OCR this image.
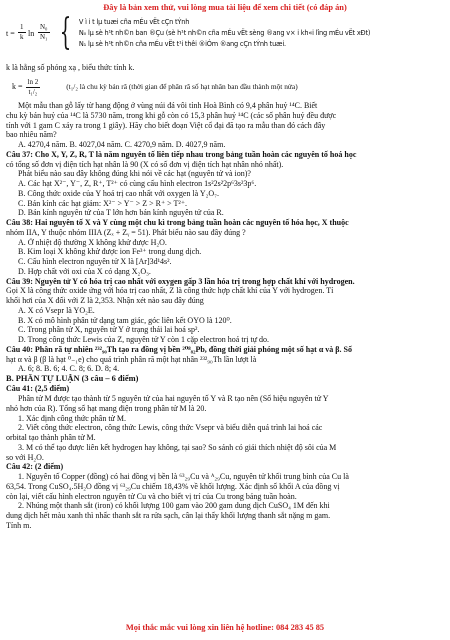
Đây là bản xem thử, vui lòng mua tài liệu để xem chi tiết (có đáp án)
$t = \frac{1}{k}$ $\ln \frac{\text{N₀}}{\text{N₁}}$ { V ì i t lµ tuæi cña mÉu vËt cÇn tÝnh
N₀ lµ sè h¹t nh©n ban ®Çu (sè h¹t nh©n cña mÉu vËt sèng ®ang v× i kh«i lîng mÉu vËt xÐt)
N₁ lµ sè h¹t nh©n cña mÉu vËt t¹i thêi ®iÓm ®ang cÇn tÝnh tuæi.
k là hằng số phóng xạ , biểu thức tính k.
$k = \frac{\ln 2}{\text{t₁/₂}}$	(t₁/₂ là chu kỳ bán rã (thời gian để phân rã số hạt nhân ban đầu thành một nửa)
Một mẫu than gỗ lấy từ hang động ở vùng núi đá vôi tỉnh Hoà Bình có 9,4 phân huỷ ¹⁴C. Biết
chu kỳ bán huỷ của ¹⁴C là 5730 năm, trong khi gỗ còn có 15,3 phân huỷ ¹⁴C (các số phân huỷ đều được
tính với 1 gam C xảy ra trong 1 giây). Hãy cho biết đoạn Việt cổ đại đã tạo ra mẫu than đó cách đây
bao nhiêu năm?
A. 4270,4 năm. B. 4027,04 năm. C. 4270,9 năm. D. 4027,9 năm.
Câu 37: Cho X, Y, Z, R, T là năm nguyên tố liên tiếp nhau trong bảng tuần hoàn các nguyên tố hoá học
có tổng số đơn vị điện tích hạt nhân là 90 (X có số đơn vị điện tích hạt nhân nhỏ nhất).
Phát biểu nào sau đây không đúng khi nói về các hạt (nguyên tử và ion)?
A. Các hạt X²⁻, Y⁻, Z, R⁺, T²⁺ có cùng cấu hình electron 1s²2s²2p⁶3s²3p⁶.
B. Công thức oxide của Y hoá trị cao nhất với oxygen là Y₂O₇.
C. Bán kính các hạt giảm: X²⁻ > Y⁻ > Z > R⁺ > T²⁺.
D. Bán kính nguyên tử của T lớn hơn bán kính nguyên tử của R.
Câu 38: Hai nguyên tố X và Y cùng một chu kì trong bảng tuần hoàn các nguyên tố hóa học, X thuộc
nhóm IIA, Y thuộc nhóm IIIA (Zₓ + Zᵧ = 51). Phát biểu nào sau đây đúng ?
A. Ở nhiệt độ thường X không khử được H₂O.
B. Kim loại X không khử được ion Fe³⁺ trong dung dịch.
C. Cấu hình electron nguyên tử X là [Ar]3d¹4s².
D. Hợp chất với oxi của X có dạng X₂O₃.
Câu 39: Nguyên tử Y có hóa trị cao nhất với oxygen gấp 3 lần hóa trị trong hợp chất khí với hydrogen.
Gọi X là công thức oxide ứng với hóa trị cao nhất, Z là công thức hợp chất khí của Y với hydrogen. Tỉ
khối hơi của X đối với Z là 2,353. Nhận xét nào sau đây đúng
A. X có Vsepr là YO₂E.
B. X có mô hình phân tử dạng tam giác, góc liên kết OYO là 120⁰.
C. Trong phân tử X, nguyên tử Y ở trạng thái lai hoá sp².
D. Trong công thức Lewis của Z, nguyên tử Y còn 1 cặp electron hoá trị tự do.
Câu 40: Phân rã tự nhiên ²³²₉₀Th tạo ra đồng vị bền ²⁰⁸₈₂Pb, đồng thời giải phóng một số hạt α và β. Số
hạt α và β (β là hạt ⁰₋₁e) cho quá trình phân rã một hạt nhân ²³²₉₀Th lần lượt là
A. 6; 8. B. 6; 4. C. 8; 6. D. 8; 4.
B. PHẦN TỰ LUẬN (3 câu – 6 điểm)
Câu 41: (2,5 điểm)
Phân tử M được tạo thành từ 5 nguyên tử của hai nguyên tố Y và R tạo nên (Số hiệu nguyên tử Y
nhỏ hơn của R). Tổng số hạt mang điện trong phân tử M là 20.
1. Xác định công thức phân tử M.
2. Viết công thức electron, công thức Lewis, công thức Vsepr và biểu diễn quá trình lai hoá các
orbital tạo thành phân tử M.
3. M có thể tạo được liên kết hydrogen hay không, tại sao? So sánh có giải thích nhiệt độ sôi của M
so với H₂O.
Câu 42: (2 điểm)
1. Nguyên tố Copper (đồng) có hai đồng vị bền là ⁶³₂₉Cu và ᴬ₂₉Cu, nguyên tử khối trung bình của Cu là
63,54. Trong CuSO₄.5H₂O đồng vị ⁶³₂₉Cu chiếm 18,43% về khối lượng. Xác định số khối A của đồng vị
còn lại, viết cấu hình electron nguyên tử Cu và cho biết vị trí của Cu trong bảng tuần hoàn.
2. Nhúng một thanh sắt (iron) có khối lượng 100 gam vào 200 gam dung dịch CuSO₄ 1M đến khi
dung dịch hết màu xanh thì nhấc thanh sắt ra rửa sạch, cân lại thấy khối lượng thanh sắt nặng m gam.
Tính m.
Mọi thắc mắc vui lòng xin liên hệ hotline: 084 283 45 85
